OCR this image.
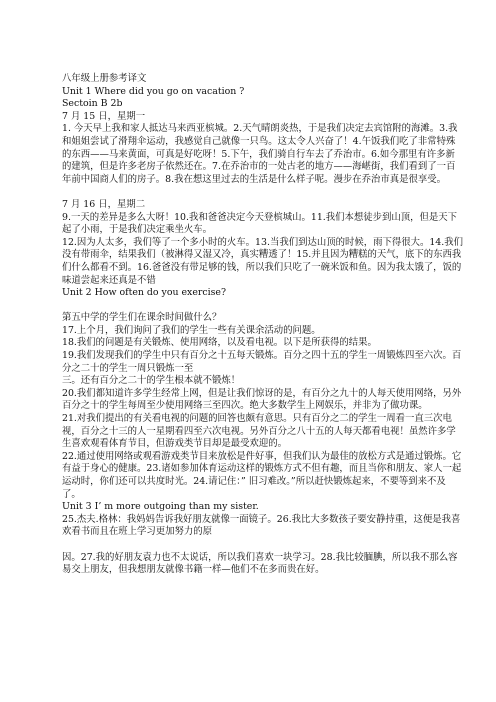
八年级上册参考译文

Unit 1 Where did you go on vacation ?

Sectoin B 2b

7 月 15 日，星期一

1. 今天早上我和家人抵达马来西亚槟城。2.天气晴朗炎热，于是我们决定去宾馆附的海滩。3.我和姐姐尝试了滑翔伞运动，我感觉自己就像一只鸟。这太令人兴奋了！4.午饭我们吃了非常特殊的东西——马来黄面，可真是好吃呀！5.下午，我们骑自行车去了乔治市。6.如今那里有许多新的建筑，但是许多老房子依然还在。7.在乔治市的一处古老的地方——海嵁街，我们看到了一百年前中国商人们的房子。8.我在想这里过去的生活是什么样子呢。漫步在乔治市真是很享受。

7 月 16 日，星期二

9.一天的差异是多么大呀！10.我和爸爸决定今天登槟城山。11.我们本想徒步到山顶，但是天下起了小雨，于是我们决定乘坐火车。

12.因为人太多，我们等了一个多小时的火车。13.当我们到达山顶的时候，雨下得很大。14.我们没有带雨伞，结果我们（被淋得又湿又冷，真实糟透了！15.并且因为糟糕的天气，底下的东西我们什么都看不到。16.爸爸没有带足够的钱，所以我们只吃了一碗米饭和鱼。因为我太饿了，饭的味道尝起来还真是不错

Unit 2 How often do you exercise?

第五中学的学生们在课余时间做什么？

17.上个月，我们询问了我们的学生一些有关课余活动的问题。

18.我们的问题是有关锻炼、使用网络，以及看电视。以下是所获得的结果。

19.我们发现我们的学生中只有百分之十五每天锻炼。百分之四十五的学生一周锻炼四至六次。百分之二十的学生一周只锻炼一至

三。还有百分之二十的学生根本就不锻炼！

20.我们都知道许多学生经常上网，但是让我们惊讶的是，有百分之九十的人每天使用网络，另外百分之十的学生每周至少使用网络三至四次。绝大多数学生上网娱乐，并非为了做功课。

21.对我们提出的有关看电视的问题的回答也颇有意思。只有百分之二的学生一周看一直三次电视，百分之十三的人一星期看四至六次电视。另外百分之八十五的人每天都看电视！虽然许多学生喜欢观看体育节目，但游戏类节目却是最受欢迎的。

22.通过使用网络或观看游戏类节目来放松是件好事，但我们认为最佳的放松方式是通过锻炼。它有益于身心的健康。23.诸如参加体育运动这样的锻炼方式不但有趣，而且当你和朋友、家人一起运动时，你们还可以共度时光。24.请记住：” 旧习难改。”所以赶快锻炼起来，不要等到来不及了。

Unit 3 I’ m more outgoing than my sister.

25.杰夫.格林：我妈妈告诉我好朋友就像一面镜子。26.我比大多数孩子要安静持重，这便是我喜欢看书而且在班上学习更加努力的原

因。27.我的好朋友袁力也不太说话，所以我们喜欢一块学习。28.我比较腼腆，所以我不那么容易交上朋友，但我想朋友就像书籍一样—他们不在多而贵在好。
